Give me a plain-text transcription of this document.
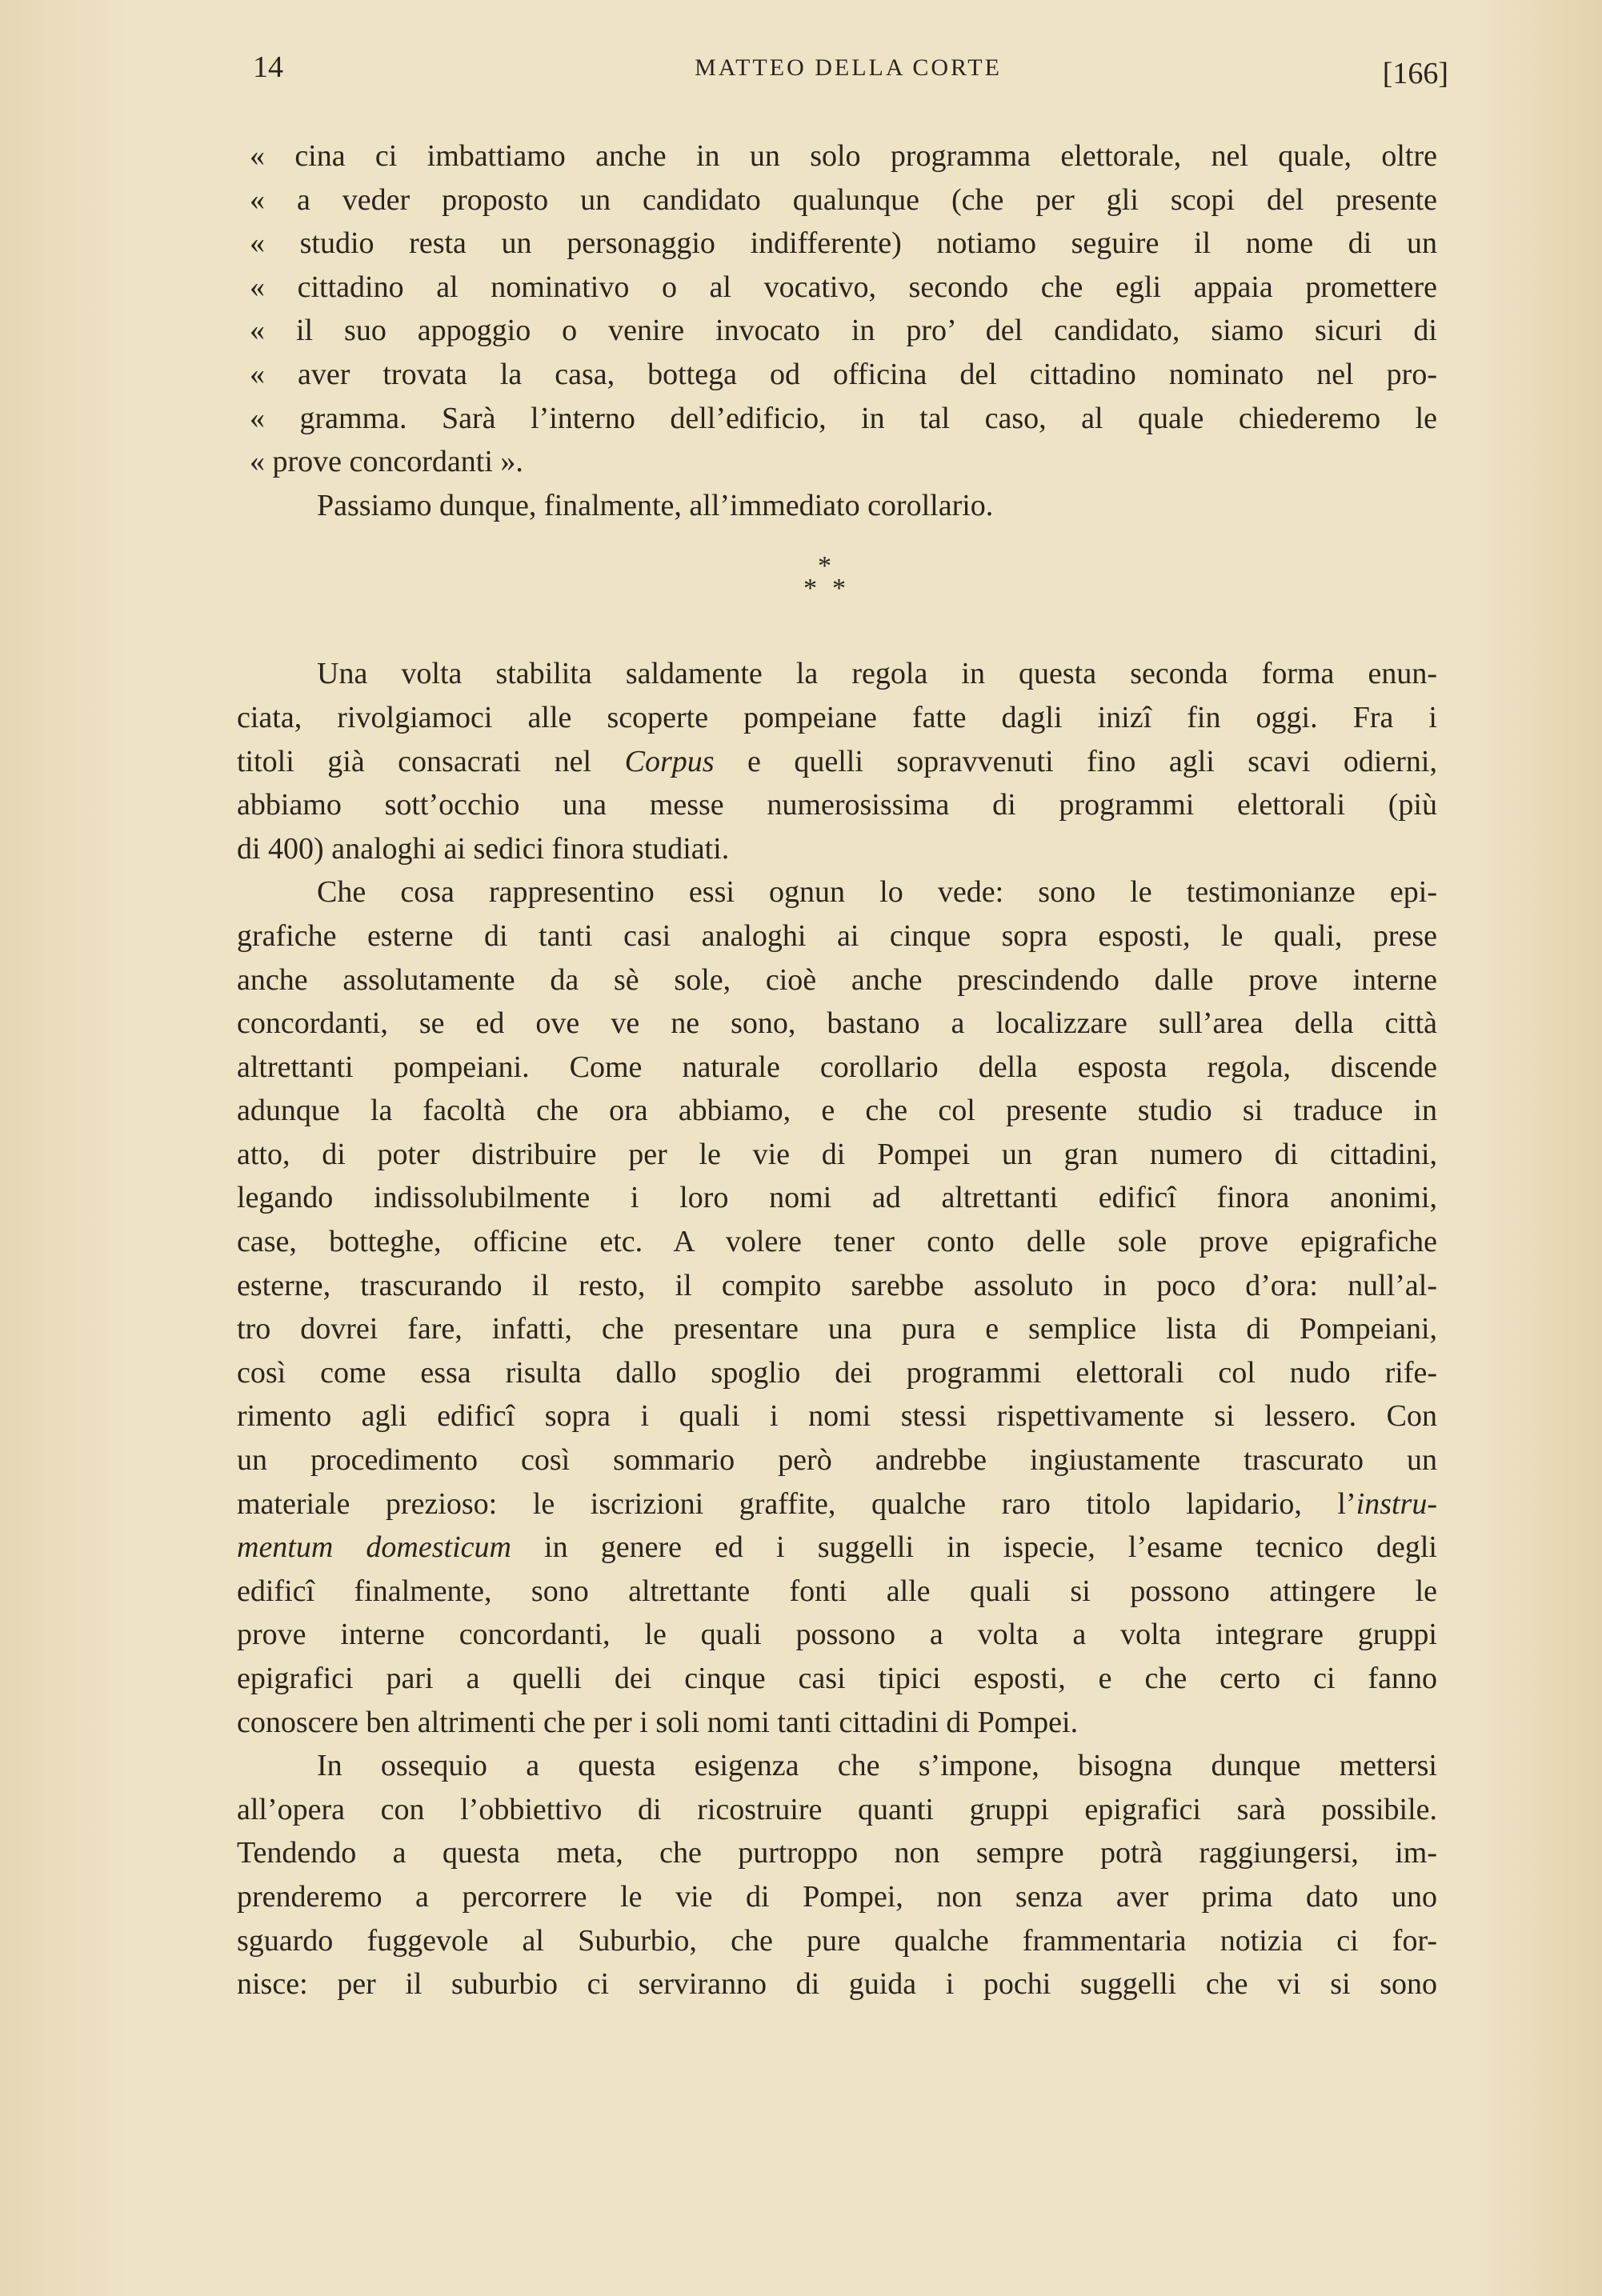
14	MATTEO DELLA CORTE	[166]
« cina ci imbattiamo anche in un solo programma elettorale, nel quale, oltre
« a veder proposto un candidato qualunque (che per gli scopi del presente
« studio resta un personaggio indifferente) notiamo seguire il nome di un
« cittadino al nominativo o al vocativo, secondo che egli appaia promettere
« il suo appoggio o venire invocato in pro’ del candidato, siamo sicuri di
« aver trovata la casa, bottega od officina del cittadino nominato nel pro-
« gramma. Sarà l’interno dell’edificio, in tal caso, al quale chiederemo le
« prove concordanti ».
Passiamo dunque, finalmente, all’immediato corollario.
*
* *
Una volta stabilita saldamente la regola in questa seconda forma enun-
ciata, rivolgiamoci alle scoperte pompeiane fatte dagli inizî fin oggi. Fra i
titoli già consacrati nel Corpus e quelli sopravvenuti fino agli scavi odierni,
abbiamo sott’occhio una messe numerosissima di programmi elettorali (più
di 400) analoghi ai sedici finora studiati.
Che cosa rappresentino essi ognun lo vede: sono le testimonianze epi-
grafiche esterne di tanti casi analoghi ai cinque sopra esposti, le quali, prese
anche assolutamente da sè sole, cioè anche prescindendo dalle prove interne
concordanti, se ed ove ve ne sono, bastano a localizzare sull’area della città
altrettanti pompeiani. Come naturale corollario della esposta regola, discende
adunque la facoltà che ora abbiamo, e che col presente studio si traduce in
atto, di poter distribuire per le vie di Pompei un gran numero di cittadini,
legando indissolubilmente i loro nomi ad altrettanti edificî finora anonimi,
case, botteghe, officine etc. A volere tener conto delle sole prove epigrafiche
esterne, trascurando il resto, il compito sarebbe assoluto in poco d’ora: null’al-
tro dovrei fare, infatti, che presentare una pura e semplice lista di Pompeiani,
così come essa risulta dallo spoglio dei programmi elettorali col nudo rife-
rimento agli edificî sopra i quali i nomi stessi rispettivamente si lessero. Con
un procedimento così sommario però andrebbe ingiustamente trascurato un
materiale prezioso: le iscrizioni graffite, qualche raro titolo lapidario, l’instru-
mentum domesticum in genere ed i suggelli in ispecie, l’esame tecnico degli
edificî finalmente, sono altrettante fonti alle quali si possono attingere le
prove interne concordanti, le quali possono a volta a volta integrare gruppi
epigrafici pari a quelli dei cinque casi tipici esposti, e che certo ci fanno
conoscere ben altrimenti che per i soli nomi tanti cittadini di Pompei.
In ossequio a questa esigenza che s’impone, bisogna dunque mettersi
all’opera con l’obbiettivo di ricostruire quanti gruppi epigrafici sarà possibile.
Tendendo a questa meta, che purtroppo non sempre potrà raggiungersi, im-
prenderemo a percorrere le vie di Pompei, non senza aver prima dato uno
sguardo fuggevole al Suburbio, che pure qualche frammentaria notizia ci for-
nisce: per il suburbio ci serviranno di guida i pochi suggelli che vi si sono
